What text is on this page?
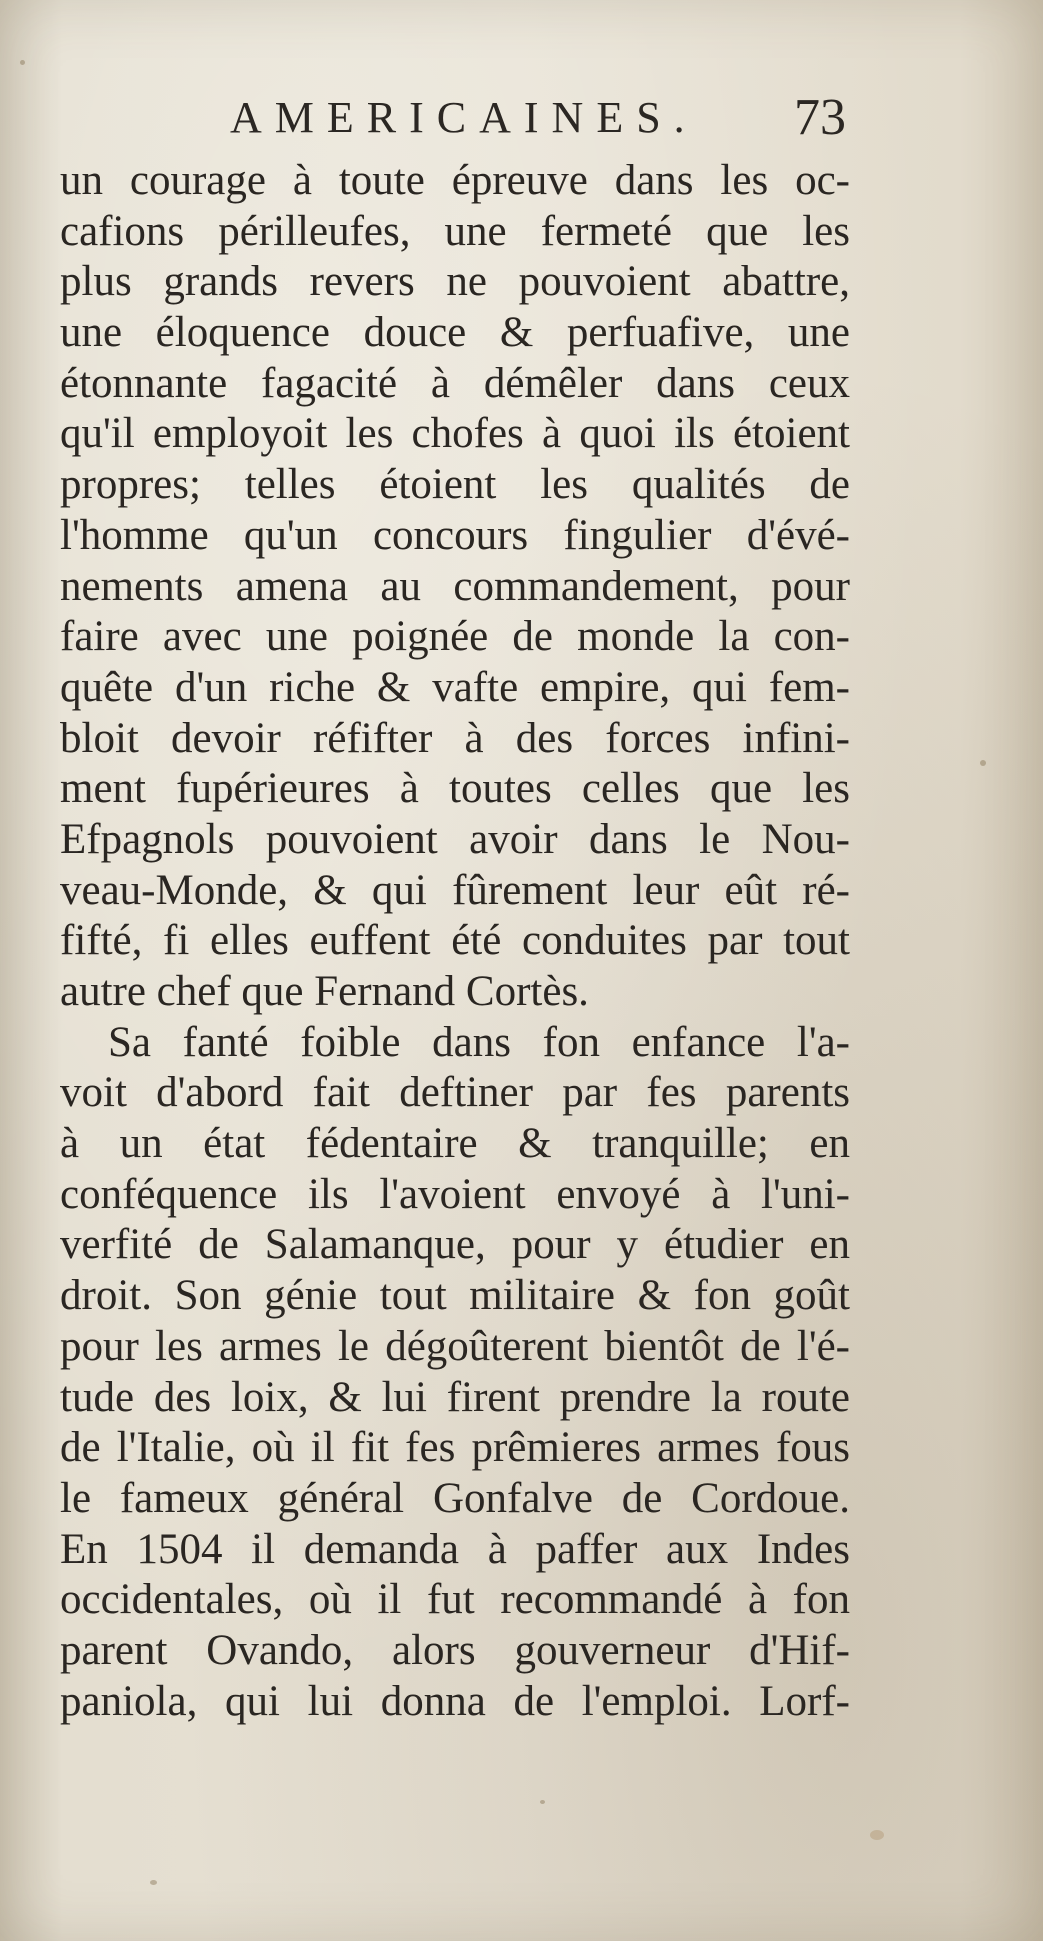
AMERICAINES. 73
un courage à toute épreuve dans les oc-
cafions périlleufes, une fermeté que les
plus grands revers ne pouvoient abattre,
une éloquence douce & perfuafive, une
étonnante fagacité à démêler dans ceux
qu'il employoit les chofes à quoi ils étoient
propres; telles étoient les qualités de
l'homme qu'un concours fingulier d'évé-
nements amena au commandement, pour
faire avec une poignée de monde la con-
quête d'un riche & vafte empire, qui fem-
bloit devoir réfifter à des forces infini-
ment fupérieures à toutes celles que les
Efpagnols pouvoient avoir dans le Nou-
veau-Monde, & qui fûrement leur eût ré-
fifté, fi elles euffent été conduites par tout
autre chef que Fernand Cortès.
Sa fanté foible dans fon enfance l'a-
voit d'abord fait deftiner par fes parents
à un état fédentaire & tranquille; en
conféquence ils l'avoient envoyé à l'uni-
verfité de Salamanque, pour y étudier en
droit. Son génie tout militaire & fon goût
pour les armes le dégoûterent bientôt de l'é-
tude des loix, & lui firent prendre la route
de l'Italie, où il fit fes prêmieres armes fous
le fameux général Gonfalve de Cordoue.
En 1504 il demanda à paffer aux Indes
occidentales, où il fut recommandé à fon
parent Ovando, alors gouverneur d'Hif-
paniola, qui lui donna de l'emploi. Lorf-
